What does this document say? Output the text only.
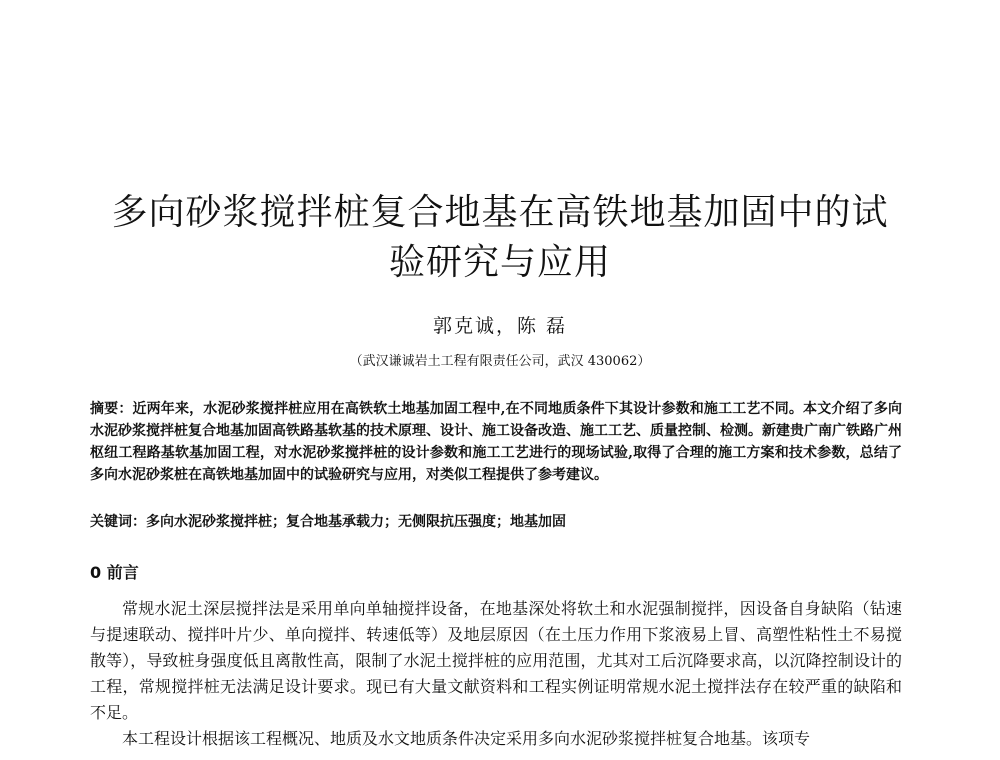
多向砂浆搅拌桩复合地基在高铁地基加固中的试
验研究与应用
郭克诚，陈 磊
（武汉谦诚岩土工程有限责任公司，武汉 430062）

摘要：近两年来，水泥砂浆搅拌桩应用在高铁软土地基加固工程中,在不同地质条件下其设计参数和施工工艺不同。本文介绍了多向水泥砂浆搅拌桩复合地基加固高铁路基软基的技术原理、设计、施工设备改造、施工工艺、质量控制、检测。新建贵广南广铁路广州枢纽工程路基软基加固工程，对水泥砂浆搅拌桩的设计参数和施工工艺进行的现场试验,取得了合理的施工方案和技术参数，总结了多向水泥砂浆桩在高铁地基加固中的试验研究与应用，对类似工程提供了参考建议。

关键词：多向水泥砂浆搅拌桩；复合地基承载力；无侧限抗压强度；地基加固

0 前言

常规水泥土深层搅拌法是采用单向单轴搅拌设备，在地基深处将软土和水泥强制搅拌，因设备自身缺陷（钻速与提速联动、搅拌叶片少、单向搅拌、转速低等）及地层原因（在土压力作用下浆液易上冒、高塑性粘性土不易搅散等），导致桩身强度低且离散性高，限制了水泥土搅拌桩的应用范围，尤其对工后沉降要求高，以沉降控制设计的工程，常规搅拌桩无法满足设计要求。现已有大量文献资料和工程实例证明常规水泥土搅拌法存在较严重的缺陷和不足。

本工程设计根据该工程概况、地质及水文地质条件决定采用多向水泥砂浆搅拌桩复合地基。该项专
